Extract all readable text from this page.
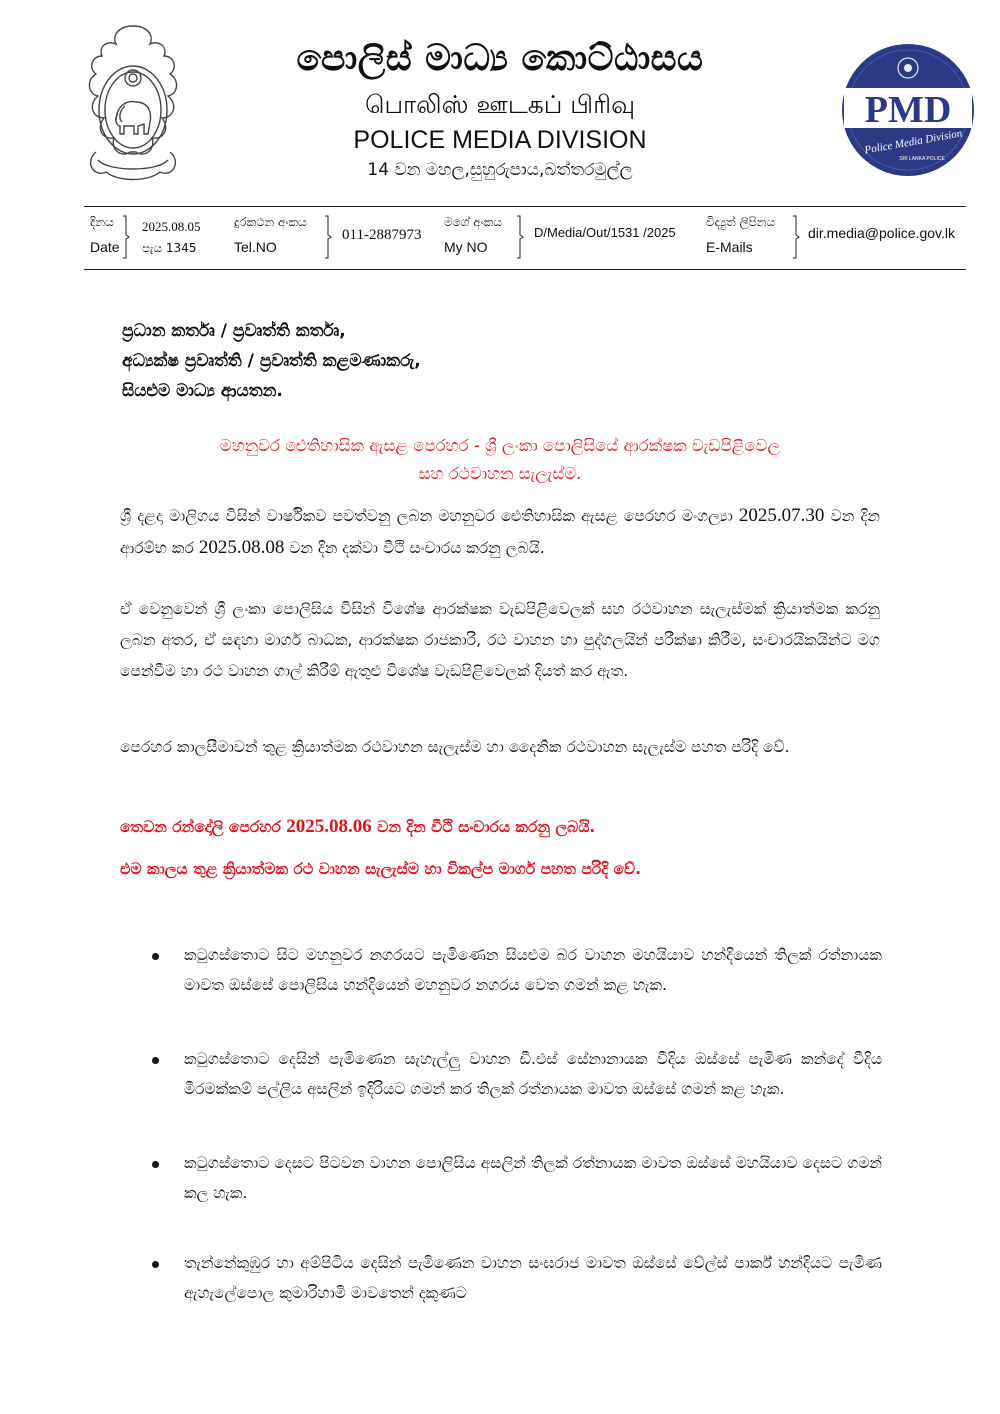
පොලිස් මාධ්‍ය කොට්ඨාසය
பொலிஸ் ஊடகப் பிரிவு
POLICE MEDIA DIVISION
14 වන මහල,සුහුරුපාය,බත්තරමුල්ල
PMD
Police Media Division
SRI LANKA POLICE
දිනය
Date
2025.08.05
පැය 1345
දුරකථන අංකය
Tel.NO
011-2887973
මගේ අංකය
My NO
D/Media/Out/1531 /2025
විද්‍යුත් ලිපිනය
E-Mails
dir.media@police.gov.lk
ප්‍රධාන කර්තෘ / ප්‍රවෘත්ති කර්තෘ,
අධ්‍යක්ෂ ප්‍රවෘත්ති / ප්‍රවෘත්ති කළමණාකරු,
සියළුම මාධ්‍ය ආයතන.
මහනුවර ඓතිහාසික ඇසළ පෙරහර - ශ්‍රී ලංකා පොලිසියේ ආරක්ෂක වැඩපිළිවෙල
සහ රථවාහන සැලැස්ම.
ශ්‍රී දළදා මාලිගය විසින් වාර්ෂිකව පවත්වනු ලබන මහනුවර ඓතිහාසික ඇසළ පෙරහර මංගල්‍යා 2025.07.30 වන දින ආරම්භ කර 2025.08.08 වන දින දක්වා වීථි සංචාරය කරනු ලබයි.
ඒ වෙනුවෙන් ශ්‍රී ලංකා පොලිසිය විසින් විශේෂ ආරක්ෂක වැඩපිළිවෙලක් සහ රථවාහන සැලැස්මක් ක්‍රියාත්මක කරනු ලබන අතර, ඒ සඳහා මාර්ග බාධක, ආරක්ෂක රාජකාරි, රථ වාහන හා පුද්ගලයින් පරීක්ෂා කිරීම, සංචාරයිකයින්ට මග පෙන්වීම හා රථ වාහන ගාල් කිරීම් ඇතුළු විශේෂ වැඩපිළිවෙලක් දියත් කර ඇත.
පෙරහර කාලසීමාවන් තුළ ක්‍රියාත්මක රථවාහන සැලැස්ම හා දෛනික රථවාහන සැලැස්ම පහත පරිදි වේ.
තෙවන රන්දෝලි පෙරහර 2025.08.06 වන දින වීථි සංචාරය කරනු ලබයි.
එම කාලය තුළ ක්‍රියාත්මක රථ වාහන සැලැස්ම හා විකල්ප මාර්ග පහත පරිදි වේ.
කටුගස්තොට සිට මහනුවර නගරයට පැමිණෙන සියළුම බර වාහන මහයියාව හන්දියෙන් තිලක් රත්නායක මාවත ඔස්සේ පොලිසිය හන්දියෙන් මහනුවර නගරය වෙත ගමන් කළ හැක.
කටුගස්තොට දෙසින් පැමිණෙන සැහැල්ලු වාහන ඩී.එස් සේනානායක වීදිය ඔස්සේ පැමිණ කන්දේ වීදිය මීරමක්කම් පල්ලිය අසලින් ඉදිරියට ගමන් කර තිලක් රත්නායක මාවත ඔස්සේ ගමන් කළ හැක.
කටුගස්තොට දෙසට පිටවන වාහන පොලිසිය අසලින් තිලක් රත්නායක මාවත ඔස්සේ මහයියාව දෙසට ගමන් කල හැක.
තැන්නේකුඹුර හා අම්පිටිය දෙසින් පැමිණෙන වාහන සංඝරාජ මාවත ඔස්සේ වේල්ස් පාර්ක් හන්දියට පැමිණ ඇහැලේපොල කුමාරිහාමි මාවතෙන් දකුණට
